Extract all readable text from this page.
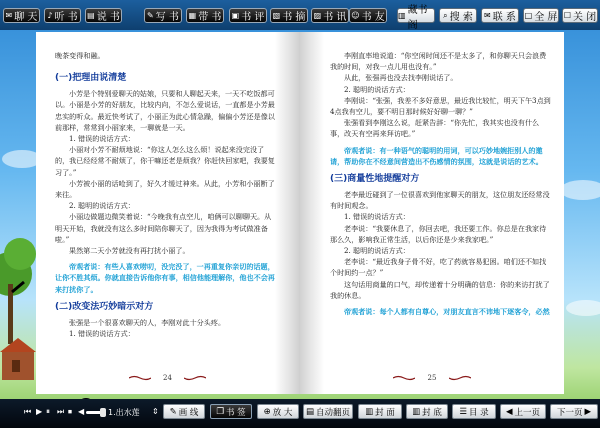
✉ 聊 天 ♪ 听 书 ▤ 说 书	✎ 写 书 ▦ 带 书 ▣ 书 评 ▧ 书 摘 ▨ 书 讯 ☺ 书 友 ▥ 藏书阁
⌕ 搜 索 ✉ 联 系 □ 全 屏 ☐ 关 闭

晚茶变得和融。

(一)把理由说清楚

小芳是个特别爱聊天的姑娘，只要和人聊起天来，一天不吃饭都可以。小丽是小芳的好朋友，比较内向，不怎么爱说话，一直都是小芳最忠实的听众。最近快考试了，小丽正为此心情急躁，偏偏小芳还是像以前那样，常常到小丽家来，一聊就是一天。

1. 错误的说话方式：

小丽对小芳不耐烦地说：“你这人怎么这么烦！说起来没完没了的，我已经经常不耐烦了，你干嘛还老是烦我？你赶快回家吧，我要复习了。”

小芳被小丽的话呛到了，好久才缓过神来。从此，小芳和小丽断了来往。

2. 聪明的说话方式：

小丽边做题边微笑着说：“今晚我有点空儿，咱俩可以聊聊天。从明天开始，我就没有这么多时间陪你聊天了，因为我得为考试做准备啦。”

果然第二天小芳就没有再打扰小丽了。

帝观者说：有些人喜欢唠叨，没完没了，一再重复你亲切的话题，让你不胜其烦。你就直接告诉他你有事，相信他能理解你，他也不会再来打扰你了。

(二)改变法巧妙暗示对方

张强是一个很喜欢聊天的人，李刚对此十分头疼。

1. 错误的说话方式：

24

李刚直率地说道：“你空闲时间还不是太多了，和你聊天只会浪费我的时间，对我一点儿用也没有。”

从此，张强再也没去找李刚说话了。

2. 聪明的说话方式：

李刚说：“张强，我差不多好意思，最近我比较忙，明天下午3点到4点我有空儿，要不明日那时候好好聊一聊？”

张强看到李刚这么说，赶紧告辞：“你先忙，我其实也没有什么事，改天有空再来拜访吧。”

帝观者说：有一种语气的聪明的用词，可以巧妙地婉拒别人的邀请，帮助你在不经意间营造出不伤感情的氛围，这就是说话的艺术。

(三)商量性地提醒对方

老李最近碰到了一位很喜欢到他家聊天的朋友，这位朋友还经常没有时间观念。

1. 错误的说话方式：

老李说：“我要休息了，你回去吧，我还要工作。你总是在我家待那么久，影响我正常生活，以后你还是少来我家吧。”

2. 聪明的说话方式：

老李说：“最近我身子骨不好，吃了药就容易犯困。咱们还不如找个时间约一点？”

这句话用商量的口气，却传递着十分明确的信息：你的来访打扰了我的休息。

帝观者说：每个人都有自尊心，对朋友直言不讳地下逐客令，必然

25
⏮ ▶ ⏸ ⏭ ⏹ ◀	1.出水莲 ⇕ ✎ 画 线 ❐ 书 签 ⊕ 放 大 ▤ 自动翻页 ▥ 封 面 ▥ 封 底 ☰ 目 录 ◀ 上一页 下一页 ▶
